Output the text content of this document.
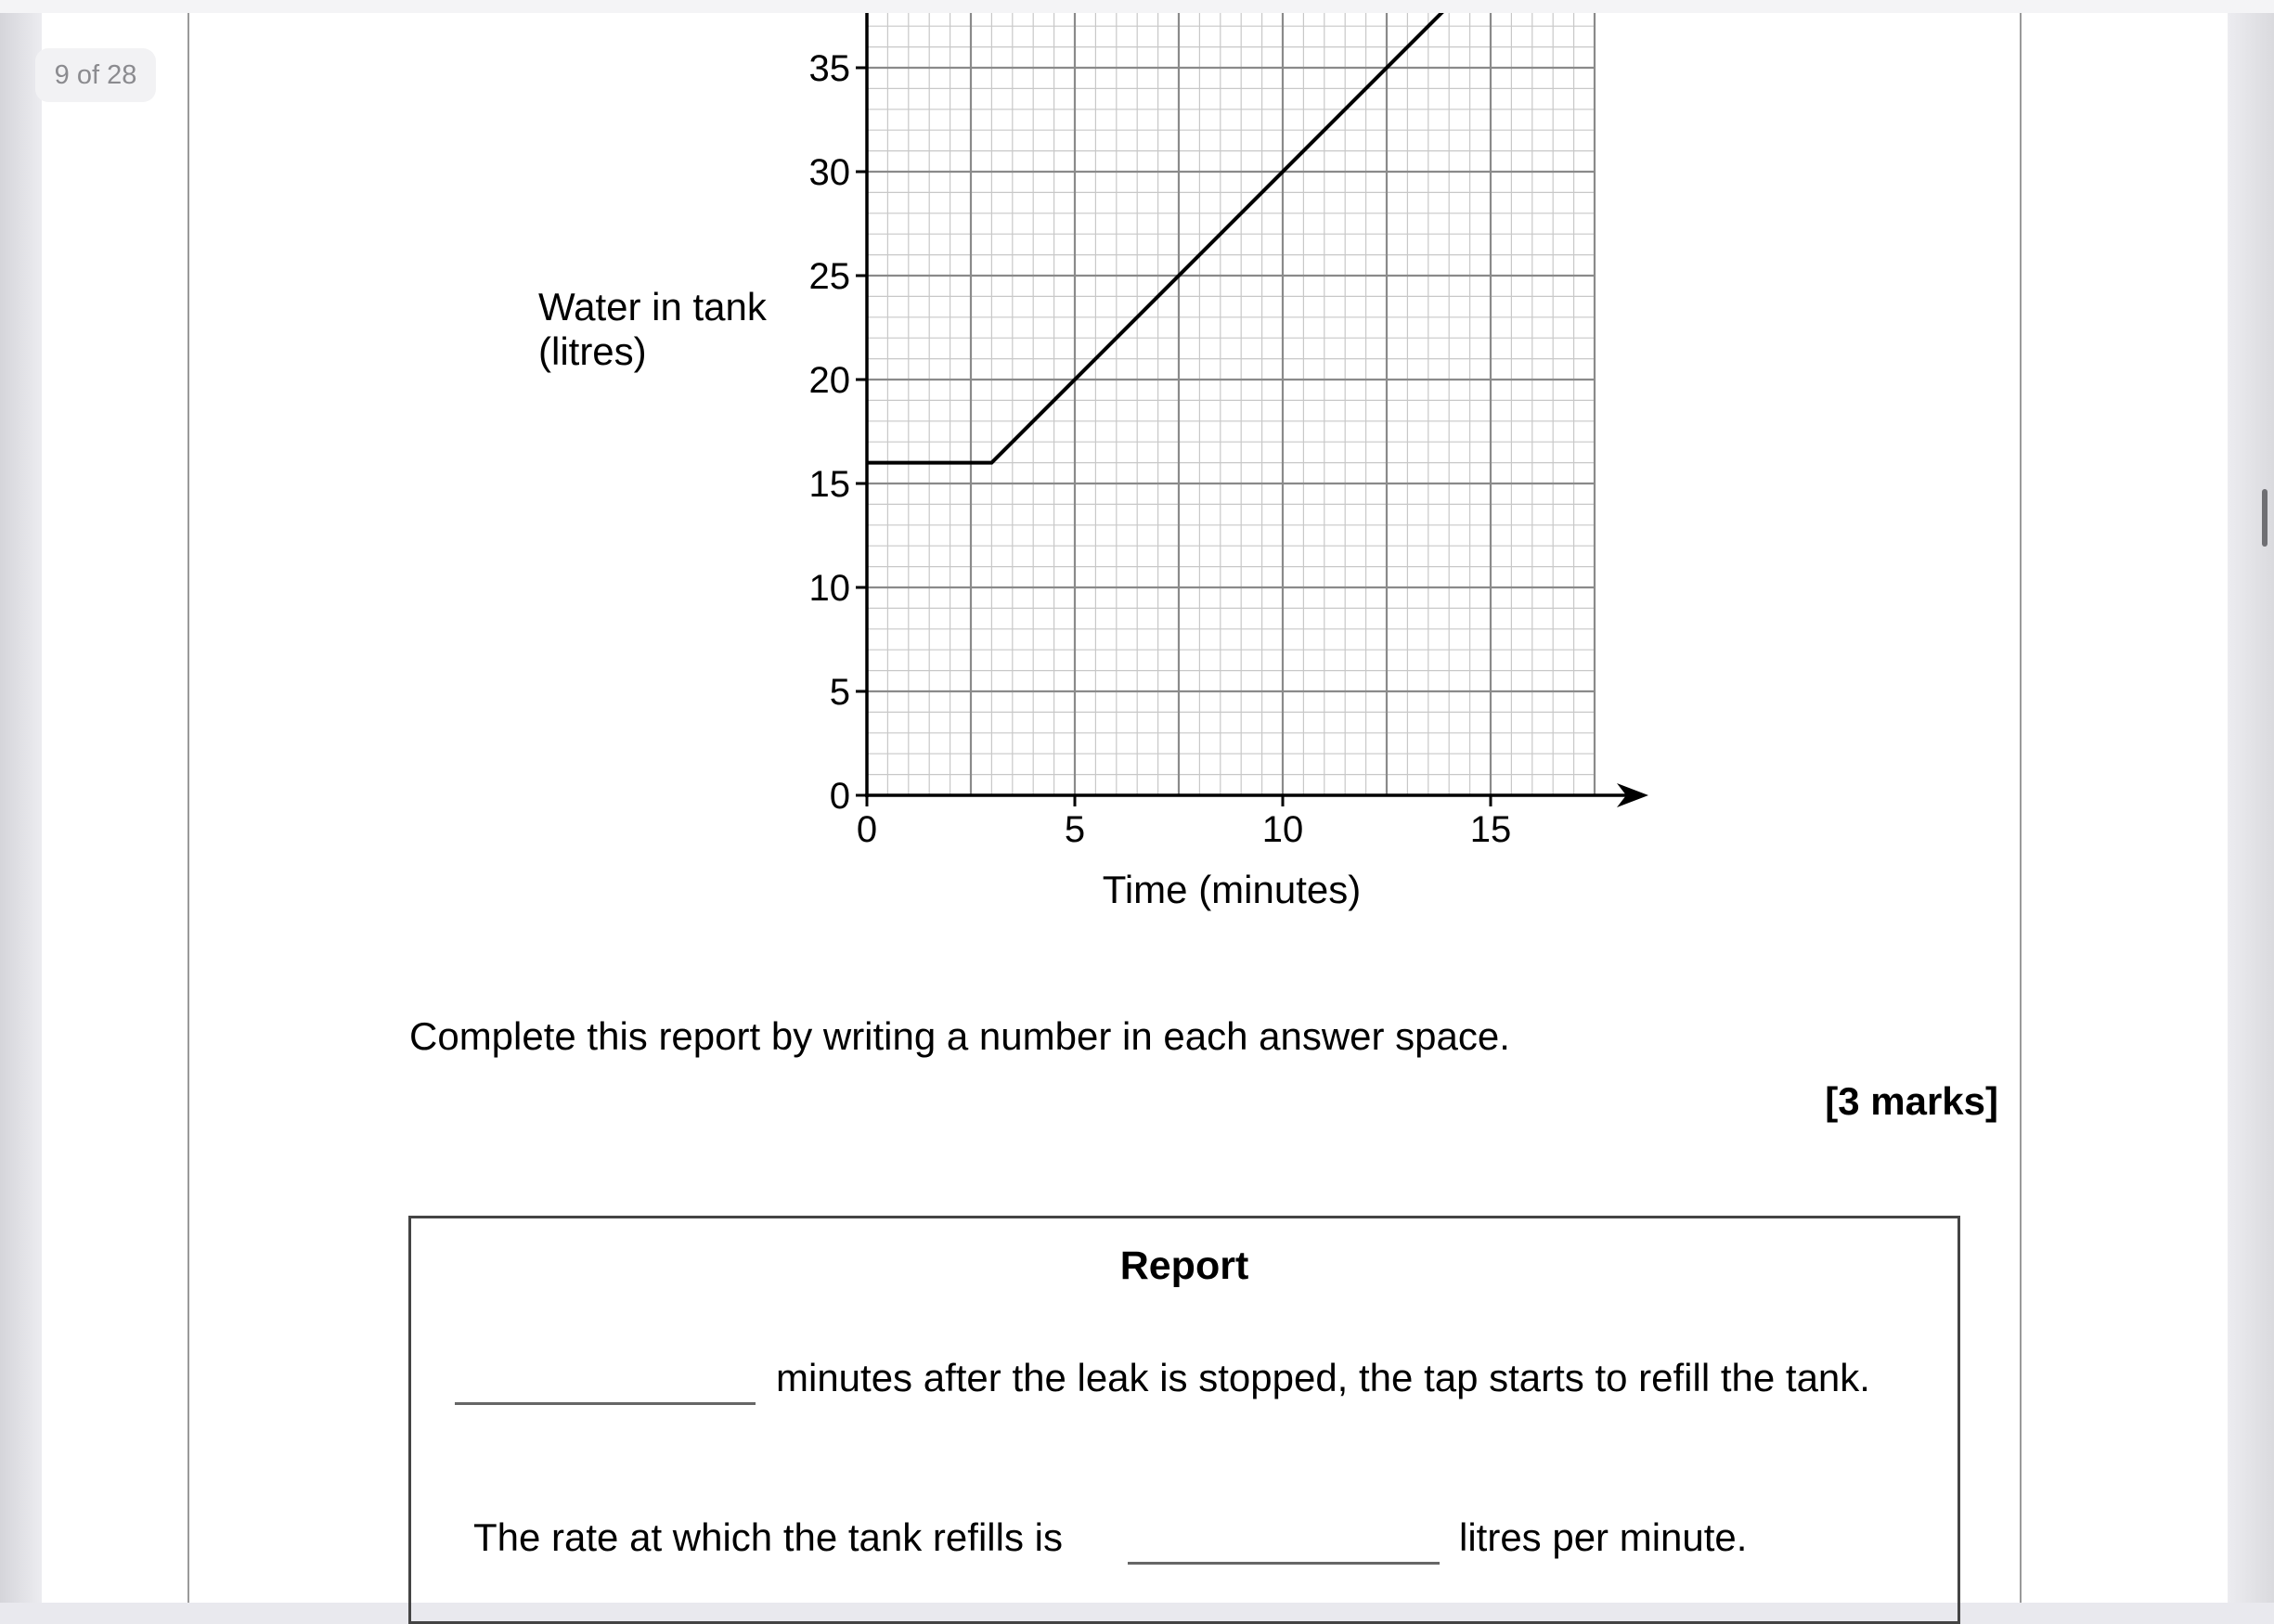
9 of 28
0
5
10
15
20
25
30
35
0	5	10	15
Water in tank
(litres)
Time (minutes)
Complete this report by writing a number in each answer space.
[3 marks]
Report
minutes after the leak is stopped, the tap starts to refill the tank.
The rate at which the tank refills is	litres per minute.
